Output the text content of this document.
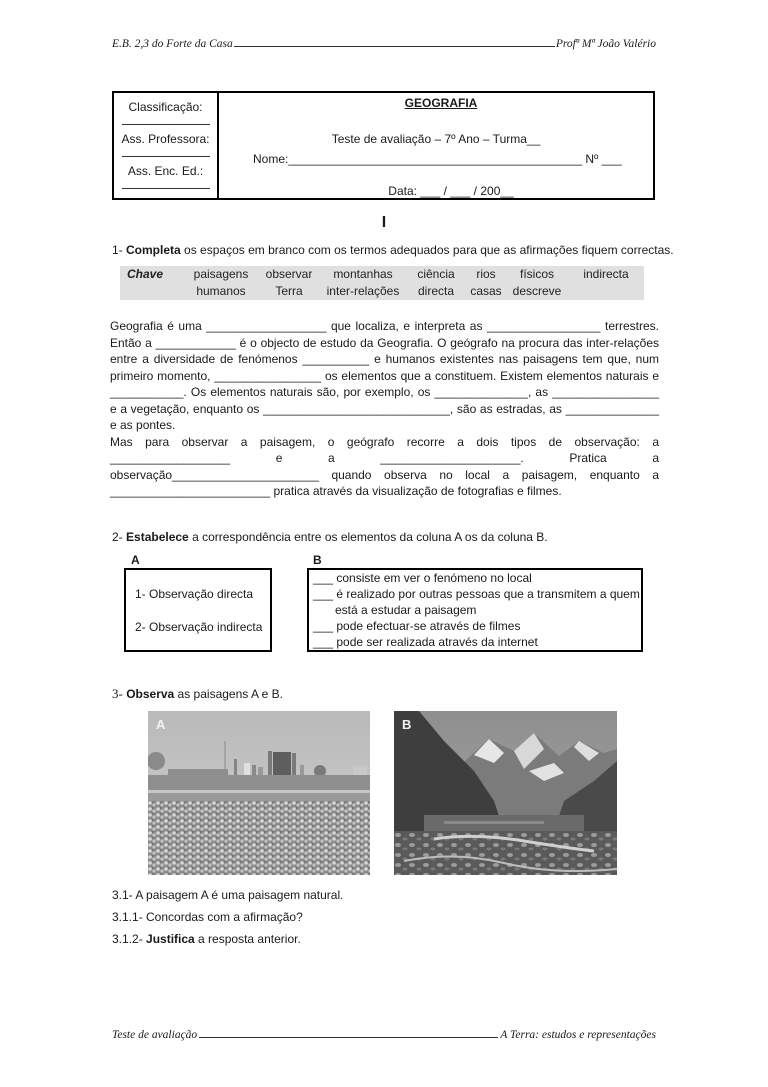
E.B. 2,3 do Forte da Casa	Profª Mª João Valério
Classificação:
Ass. Professora:
Ass. Enc. Ed.:
GEOGRAFIA
Teste de avaliação – 7º Ano – Turma__
Nome:____________________________________________ Nº ___
Data: ___ / ___ / 200__
I
1- Completa os espaços em branco com os termos adequados para que as afirmações fiquem correctas.
Chave	paisagens	observar	montanhas	ciência	rios	físicos	indirecta
	humanos	Terra	inter-relações	directa	casas	descreve	

Geografia é uma __________________ que localiza, e interpreta as _________________ terrestres. Então a ____________ é o objecto de estudo da Geografia. O geógrafo na procura das inter-relações entre a diversidade de fenómenos __________ e humanos existentes nas paisagens tem que, num primeiro momento, ________________ os elementos que a constituem. Existem elementos naturais e ___________. Os elementos naturais são, por exemplo, os ______________, as ________________ e a vegetação, enquanto os ____________________________, são as estradas, as ______________ e as pontes.

Mas para observar a paisagem, o geógrafo recorre a dois tipos de observação: a __________________ e a _____________________. Pratica a observação______________________ quando observa no local a paisagem, enquanto a ________________________ pratica através da visualização de fotografias e filmes.

2- Estabelece a correspondência entre os elementos da coluna A os da coluna B.
A	B
1- Observação directa
2- Observação indirecta
___ consiste em ver o fenómeno no local
___ é realizado por outras pessoas que a transmitem a quem
está a estudar a paisagem
___ pode efectuar-se através de filmes
___ pode ser realizada através da internet
3- Observa as paisagens A e B.
A	B
3.1- A paisagem A é uma paisagem natural.
3.1.1- Concordas com a afirmação?
3.1.2- Justifica a resposta anterior.
Teste de avaliação	A Terra: estudos e representações
